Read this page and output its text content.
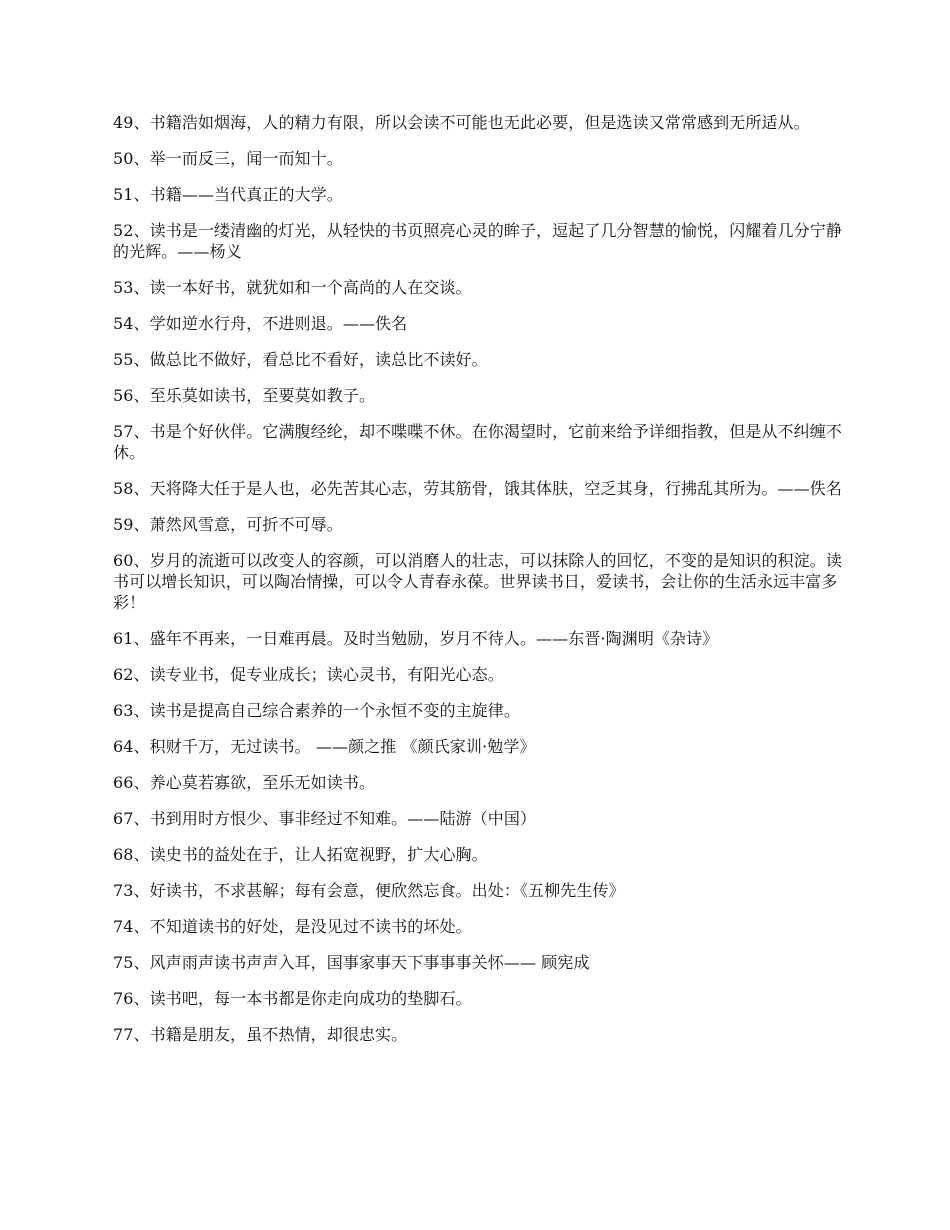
49、书籍浩如烟海，人的精力有限，所以会读不可能也无此必要，但是选读又常常感到无所适从。

50、举一而反三，闻一而知十。

51、书籍——当代真正的大学。

52、读书是一缕清幽的灯光，从轻快的书页照亮心灵的眸子，逗起了几分智慧的愉悦，闪耀着几分宁静的光辉。——杨义

53、读一本好书，就犹如和一个高尚的人在交谈。

54、学如逆水行舟，不进则退。——佚名

55、做总比不做好，看总比不看好，读总比不读好。

56、至乐莫如读书，至要莫如教子。

57、书是个好伙伴。它满腹经纶，却不喋喋不休。在你渴望时，它前来给予详细指教，但是从不纠缠不休。

58、天将降大任于是人也，必先苦其心志，劳其筋骨，饿其体肤，空乏其身，行拂乱其所为。——佚名

59、萧然风雪意，可折不可辱。

60、岁月的流逝可以改变人的容颜，可以消磨人的壮志，可以抹除人的回忆，不变的是知识的积淀。读书可以增长知识，可以陶冶情操，可以令人青春永葆。世界读书日，爱读书，会让你的生活永远丰富多彩！

61、盛年不再来，一日难再晨。及时当勉励，岁月不待人。——东晋·陶渊明《杂诗》

62、读专业书，促专业成长；读心灵书，有阳光心态。

63、读书是提高自己综合素养的一个永恒不变的主旋律。

64、积财千万，无过读书。 ——颜之推 《颜氏家训·勉学》

66、养心莫若寡欲，至乐无如读书。

67、书到用时方恨少、事非经过不知难。——陆游（中国）

68、读史书的益处在于，让人拓宽视野，扩大心胸。

73、好读书，不求甚解；每有会意，便欣然忘食。出处：《五柳先生传》

74、不知道读书的好处，是没见过不读书的坏处。

75、风声雨声读书声声入耳，国事家事天下事事事关怀—— 顾宪成

76、读书吧，每一本书都是你走向成功的垫脚石。

77、书籍是朋友，虽不热情，却很忠实。
